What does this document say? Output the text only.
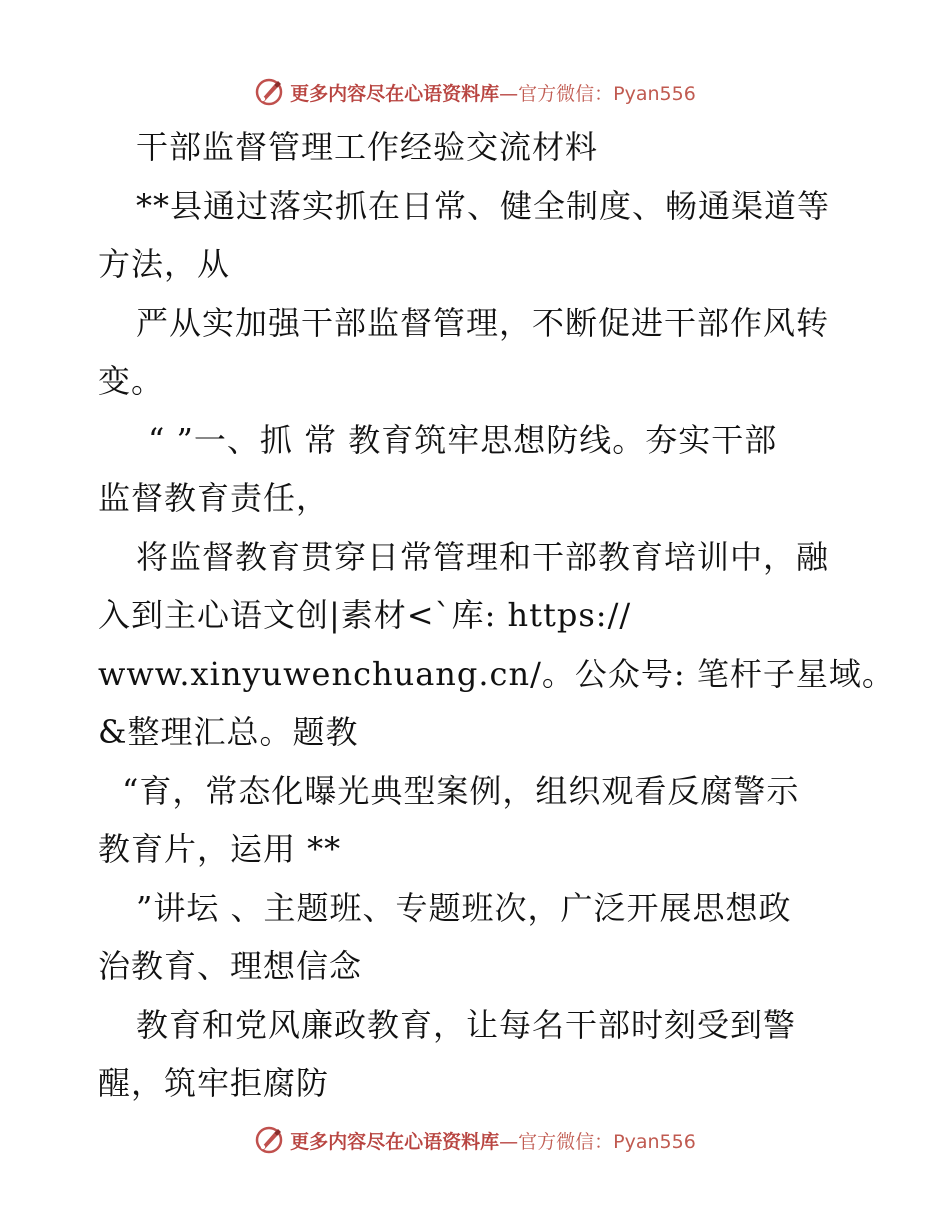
更多内容尽在心语资料库—官方微信：Pyan556
干部监督管理工作经验交流材料
**县通过落实抓在日常、健全制度、畅通渠道等
方法，从
严从实加强干部监督管理，不断促进干部作风转
变。
“ ”一、抓 常 教育筑牢思想防线。夯实干部
监督教育责任，
将监督教育贯穿日常管理和干部教育培训中，融
入到主心语文创|素材<`库: https://
www.xinyuwenchuang.cn/。公众号: 笔杆子星域。
&整理汇总。题教
“育，常态化曝光典型案例，组织观看反腐警示
教育片，运用 **
”讲坛 、主题班、专题班次，广泛开展思想政
治教育、理想信念
教育和党风廉政教育，让每名干部时刻受到警
醒，筑牢拒腐防
更多内容尽在心语资料库—官方微信：Pyan556
